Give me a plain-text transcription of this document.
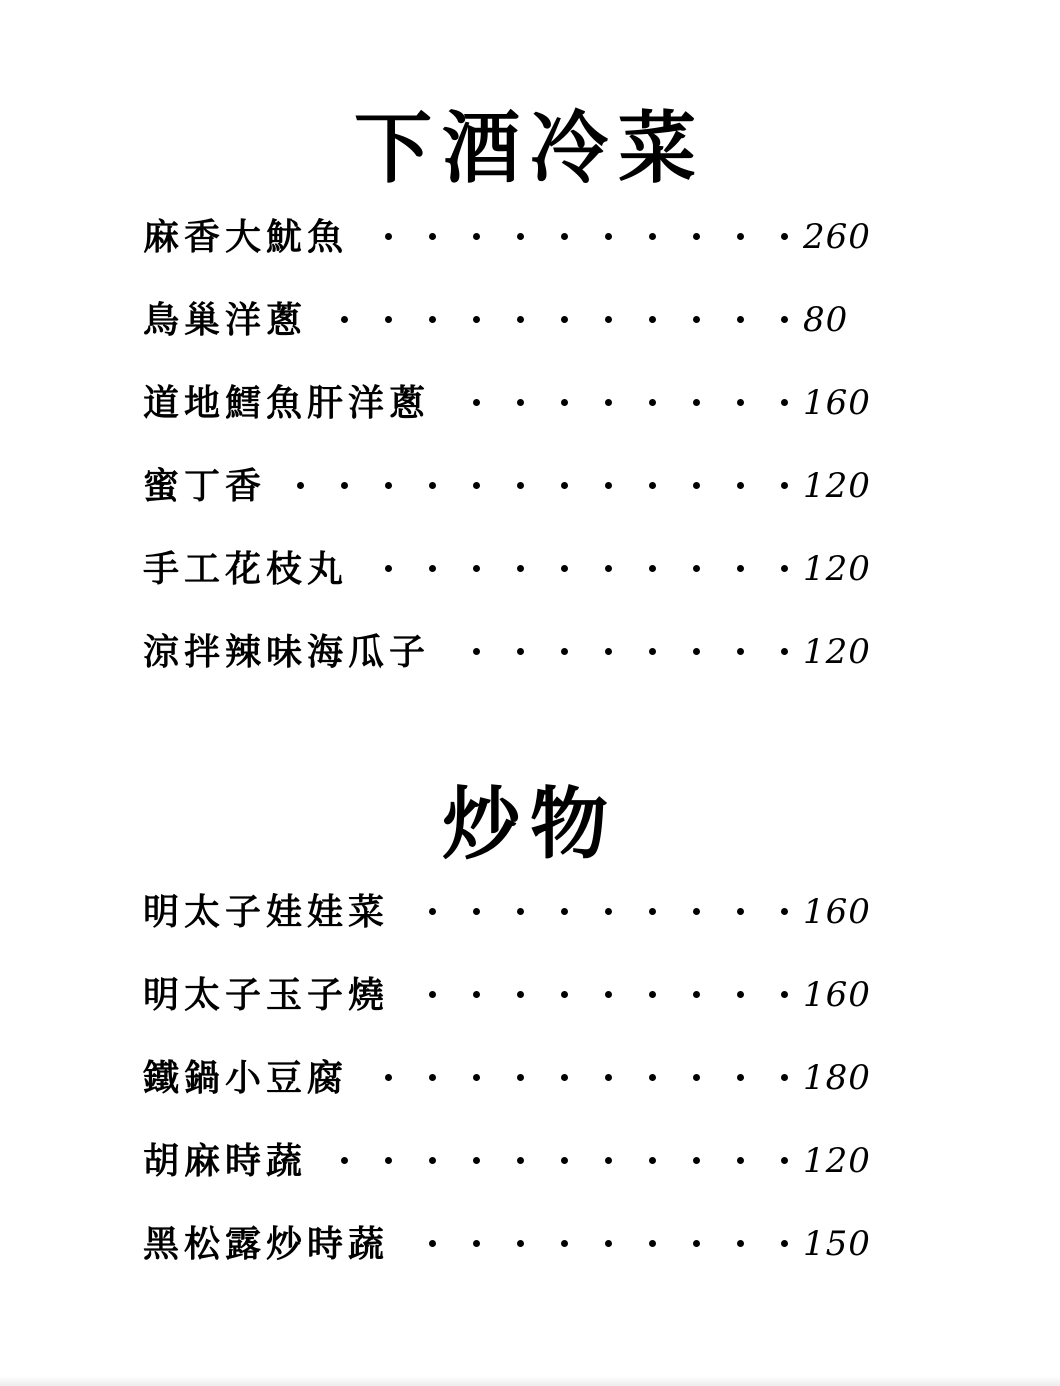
下酒冷菜
麻香大魷魚	260
鳥巢洋蔥	80
道地鱈魚肝洋蔥	160
蜜丁香	120
手工花枝丸	120
涼拌辣味海瓜子	120
炒物
明太子娃娃菜	160
明太子玉子燒	160
鐵鍋小豆腐	180
胡麻時蔬	120
黑松露炒時蔬	150
